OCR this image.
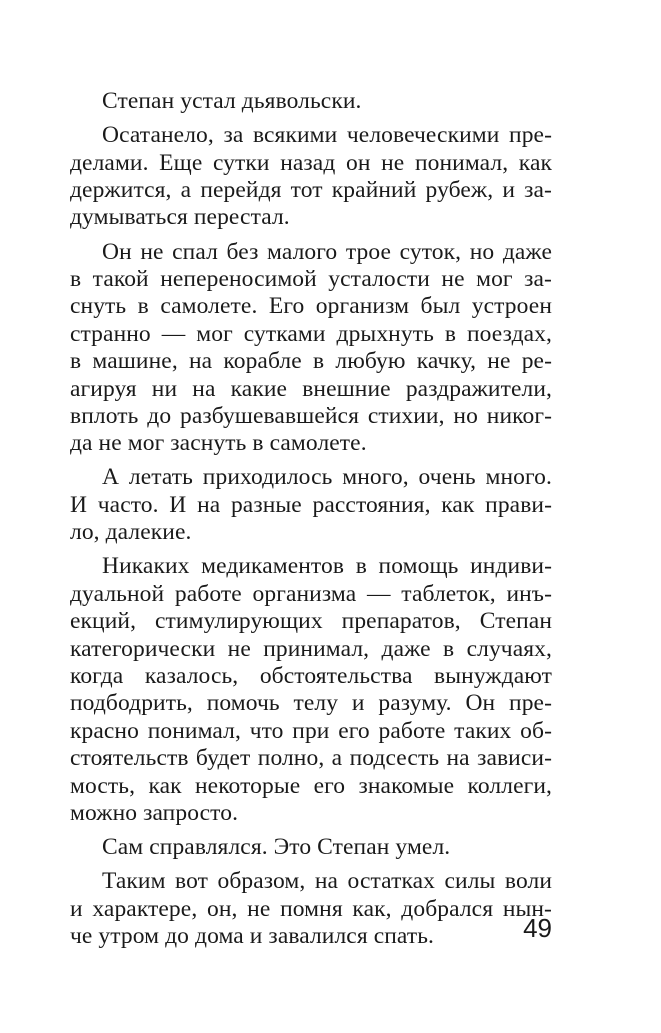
Степан устал дьявольски.
Осатанело, за всякими человеческими пре-
делами. Еще сутки назад он не понимал, как
держится, а перейдя тот крайний рубеж, и за-
думываться перестал.
Он не спал без малого трое суток, но даже
в такой непереносимой усталости не мог за-
снуть в самолете. Его организм был устроен
странно — мог сутками дрыхнуть в поездах,
в машине, на корабле в любую качку, не ре-
агируя ни на какие внешние раздражители,
вплоть до разбушевавшейся стихии, но никог-
да не мог заснуть в самолете.
А летать приходилось много, очень много.
И часто. И на разные расстояния, как прави-
ло, далекие.
Никаких медикаментов в помощь индиви-
дуальной работе организма — таблеток, инъ-
екций, стимулирующих препаратов, Степан
категорически не принимал, даже в случаях,
когда казалось, обстоятельства вынуждают
подбодрить, помочь телу и разуму. Он пре-
красно понимал, что при его работе таких об-
стоятельств будет полно, а подсесть на зависи-
мость, как некоторые его знакомые коллеги,
можно запросто.
Сам справлялся. Это Степан умел.
Таким вот образом, на остатках силы воли
и характере, он, не помня как, добрался нын-
че утром до дома и завалился спать.	49
